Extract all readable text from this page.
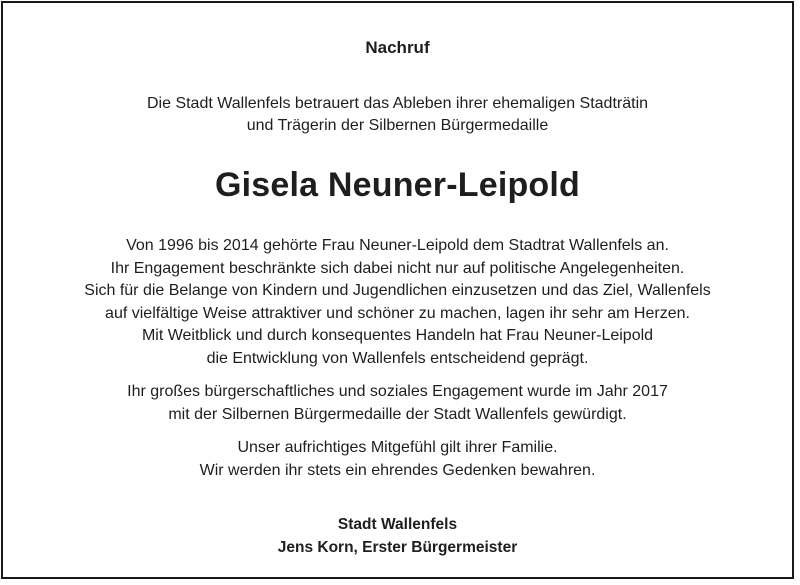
Nachruf
Die Stadt Wallenfels betrauert das Ableben ihrer ehemaligen Stadträtin
und Trägerin der Silbernen Bürgermedaille
Gisela Neuner-Leipold
Von 1996 bis 2014 gehörte Frau Neuner-Leipold dem Stadtrat Wallenfels an.
Ihr Engagement beschränkte sich dabei nicht nur auf politische Angelegenheiten.
Sich für die Belange von Kindern und Jugendlichen einzusetzen und das Ziel, Wallenfels
auf vielfältige Weise attraktiver und schöner zu machen, lagen ihr sehr am Herzen.
Mit Weitblick und durch konsequentes Handeln hat Frau Neuner-Leipold
die Entwicklung von Wallenfels entscheidend geprägt.
Ihr großes bürgerschaftliches und soziales Engagement wurde im Jahr 2017
mit der Silbernen Bürgermedaille der Stadt Wallenfels gewürdigt.
Unser aufrichtiges Mitgefühl gilt ihrer Familie.
Wir werden ihr stets ein ehrendes Gedenken bewahren.
Stadt Wallenfels
Jens Korn, Erster Bürgermeister
